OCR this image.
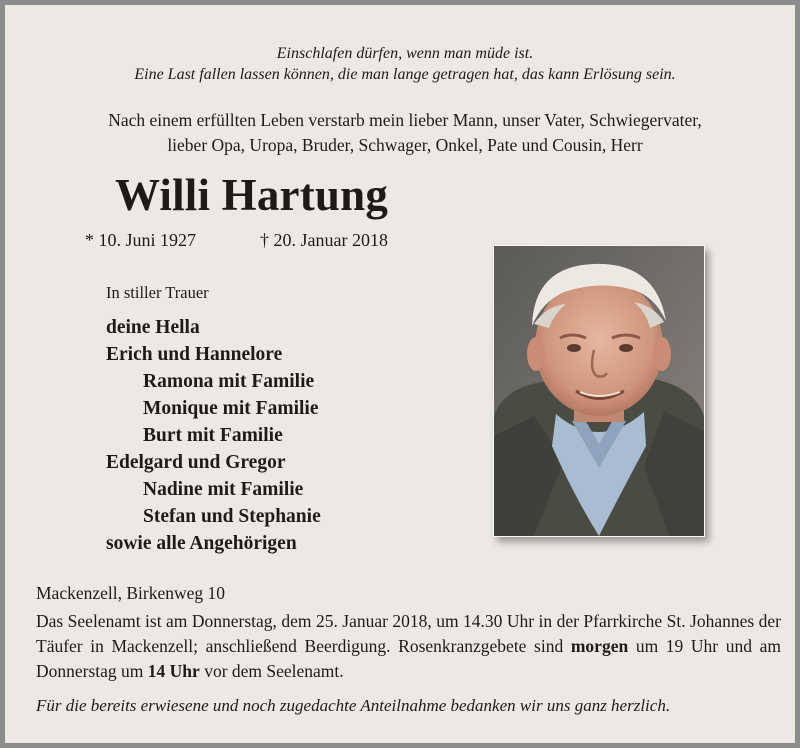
Einschlafen dürfen, wenn man müde ist.
Eine Last fallen lassen können, die man lange getragen hat, das kann Erlösung sein.
Nach einem erfüllten Leben verstarb mein lieber Mann, unser Vater, Schwiegervater,
lieber Opa, Uropa, Bruder, Schwager, Onkel, Pate und Cousin, Herr
Willi Hartung
* 10. Juni 1927	† 20. Januar 2018
In stiller Trauer
deine Hella
Erich und Hannelore
Ramona mit Familie
Monique mit Familie
Burt mit Familie
Edelgard und Gregor
Nadine mit Familie
Stefan und Stephanie
sowie alle Angehörigen
Mackenzell, Birkenweg 10
Das Seelenamt ist am Donnerstag, dem 25. Januar 2018, um 14.30 Uhr in der Pfarrkirche St. Johannes der Täufer in Mackenzell; anschließend Beerdigung. Rosenkranzgebete sind morgen um 19 Uhr und am Donnerstag um 14 Uhr vor dem Seelenamt.
Für die bereits erwiesene und noch zugedachte Anteilnahme bedanken wir uns ganz herzlich.
